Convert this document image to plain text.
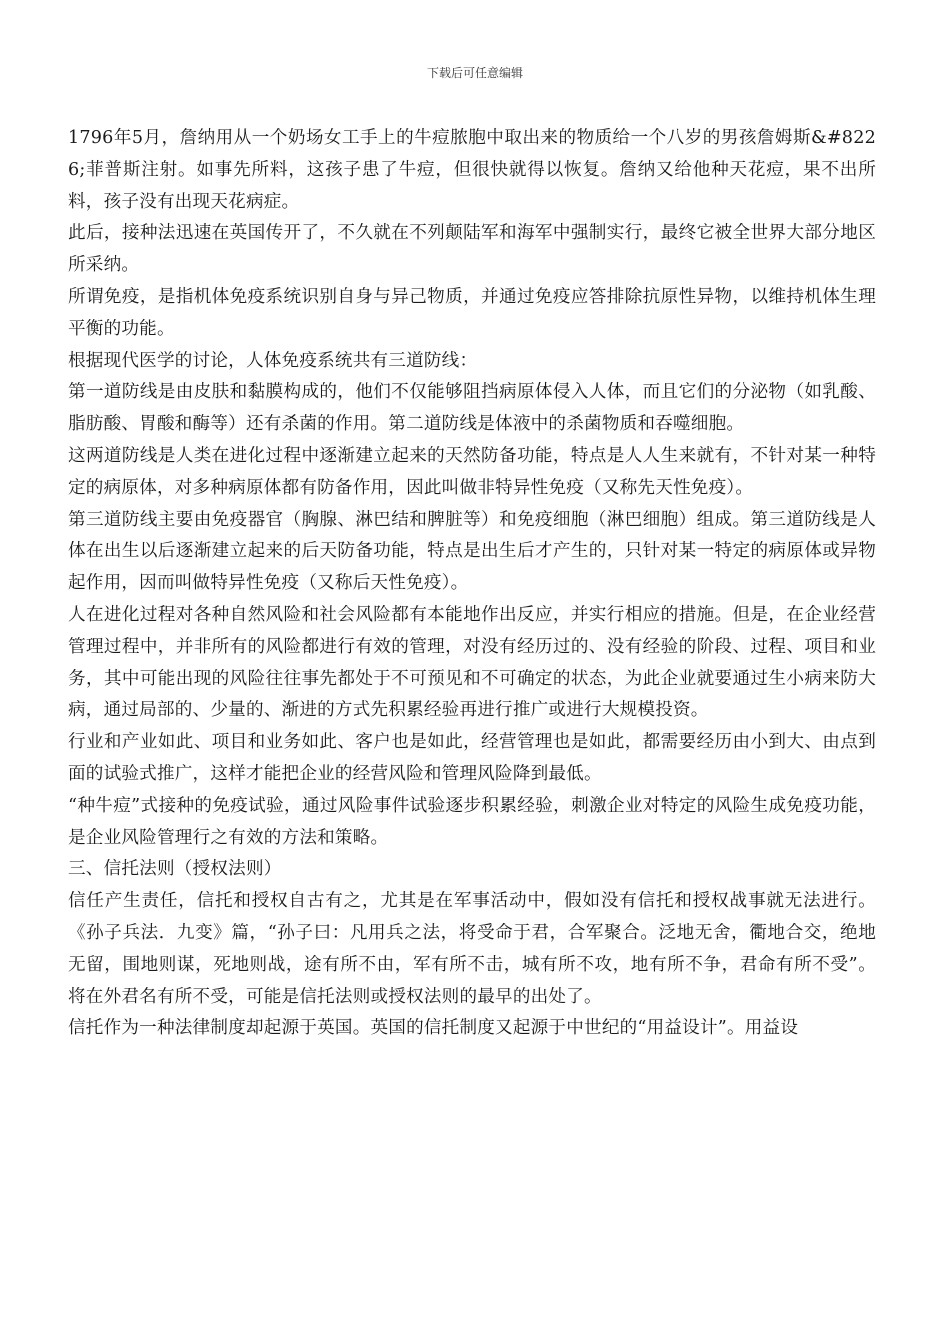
下载后可任意编辑

1796年5月，詹纳用从一个奶场女工手上的牛痘脓胞中取出来的物质给一个八岁的男孩詹姆斯&#8226;菲普斯注射。如事先所料，这孩子患了牛痘，但很快就得以恢复。詹纳又给他种天花痘，果不出所料，孩子没有出现天花病症。

此后，接种法迅速在英国传开了，不久就在不列颠陆军和海军中强制实行，最终它被全世界大部分地区所采纳。

所谓免疫，是指机体免疫系统识别自身与异己物质，并通过免疫应答排除抗原性异物，以维持机体生理平衡的功能。

根据现代医学的讨论，人体免疫系统共有三道防线：

第一道防线是由皮肤和黏膜构成的，他们不仅能够阻挡病原体侵入人体，而且它们的分泌物（如乳酸、脂肪酸、胃酸和酶等）还有杀菌的作用。第二道防线是体液中的杀菌物质和吞噬细胞。

这两道防线是人类在进化过程中逐渐建立起来的天然防备功能，特点是人人生来就有，不针对某一种特定的病原体，对多种病原体都有防备作用，因此叫做非特异性免疫（又称先天性免疫）。

第三道防线主要由免疫器官（胸腺、淋巴结和脾脏等）和免疫细胞（淋巴细胞）组成。第三道防线是人体在出生以后逐渐建立起来的后天防备功能，特点是出生后才产生的，只针对某一特定的病原体或异物起作用，因而叫做特异性免疫（又称后天性免疫）。

人在进化过程对各种自然风险和社会风险都有本能地作出反应，并实行相应的措施。但是，在企业经营管理过程中，并非所有的风险都进行有效的管理，对没有经历过的、没有经验的阶段、过程、项目和业务，其中可能出现的风险往往事先都处于不可预见和不可确定的状态，为此企业就要通过生小病来防大病，通过局部的、少量的、渐进的方式先积累经验再进行推广或进行大规模投资。

行业和产业如此、项目和业务如此、客户也是如此，经营管理也是如此，都需要经历由小到大、由点到面的试验式推广，这样才能把企业的经营风险和管理风险降到最低。

“种牛痘”式接种的免疫试验，通过风险事件试验逐步积累经验，刺激企业对特定的风险生成免疫功能，是企业风险管理行之有效的方法和策略。

三、信托法则（授权法则）

信任产生责任，信托和授权自古有之，尤其是在军事活动中，假如没有信托和授权战事就无法进行。《孙子兵法．九变》篇，“孙子曰：凡用兵之法，将受命于君，合军聚合。泛地无舍，衢地合交，绝地无留，围地则谋，死地则战，途有所不由，军有所不击，城有所不攻，地有所不争，君命有所不受”。将在外君名有所不受，可能是信托法则或授权法则的最早的出处了。

信托作为一种法律制度却起源于英国。英国的信托制度又起源于中世纪的“用益设计”。用益设
